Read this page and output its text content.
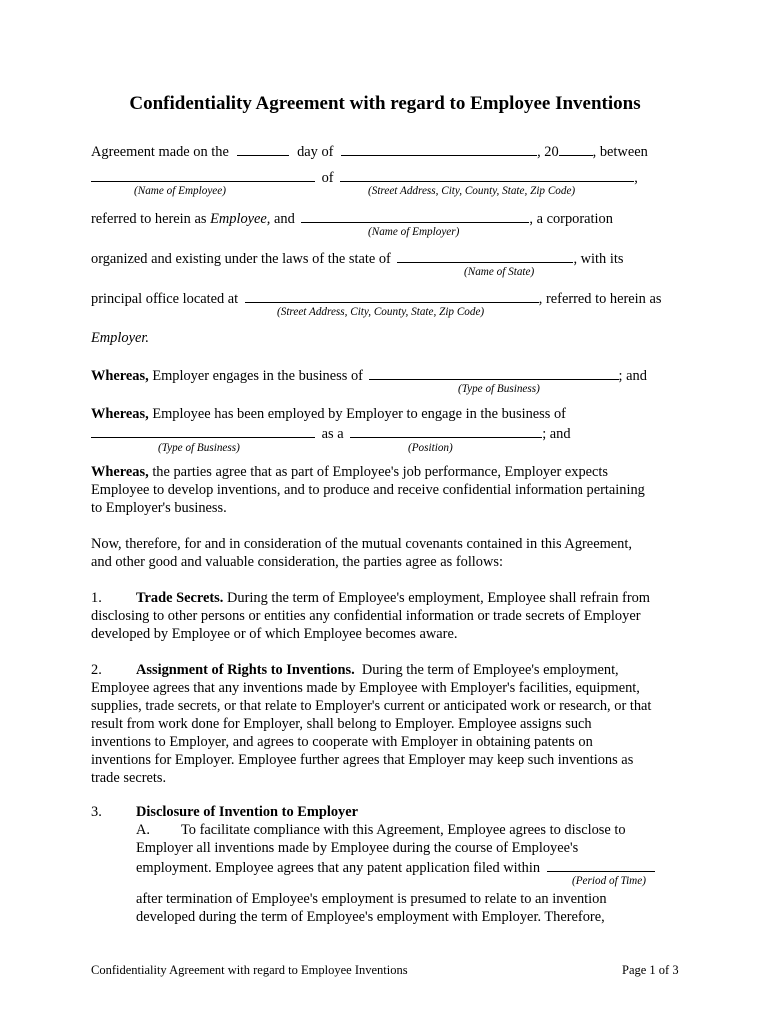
Confidentiality Agreement with regard to Employee Inventions
Agreement made on the	day of	, 20 , between
of	,
(Name of Employee)	(Street Address, City, County, State, Zip Code)
referred to herein as Employee, and	, a corporation
(Name of Employer)
organized and existing under the laws of the state of	, with its
(Name of State)
principal office located at	, referred to herein as
(Street Address, City, County, State, Zip Code)
Employer.
Whereas, Employer engages in the business of	; and
(Type of Business)
Whereas, Employee has been employed by Employer to engage in the business of
as a	; and
(Type of Business)	(Position)
Whereas, the parties agree that as part of Employee's job performance, Employer expects
Employee to develop inventions, and to produce and receive confidential information pertaining
to Employer's business.
Now, therefore, for and in consideration of the mutual covenants contained in this Agreement,
and other good and valuable consideration, the parties agree as follows:
1. Trade Secrets. During the term of Employee's employment, Employee shall refrain from
disclosing to other persons or entities any confidential information or trade secrets of Employer
developed by Employee or of which Employee becomes aware.
2. Assignment of Rights to Inventions. During the term of Employee's employment,
Employee agrees that any inventions made by Employee with Employer's facilities, equipment,
supplies, trade secrets, or that relate to Employer's current or anticipated work or research, or that
result from work done for Employer, shall belong to Employer. Employee assigns such
inventions to Employer, and agrees to cooperate with Employer in obtaining patents on
inventions for Employer. Employee further agrees that Employer may keep such inventions as
trade secrets.
3. Disclosure of Invention to Employer
A. To facilitate compliance with this Agreement, Employee agrees to disclose to
Employer all inventions made by Employee during the course of Employee's
employment. Employee agrees that any patent application filed within
(Period of Time)
after termination of Employee's employment is presumed to relate to an invention
developed during the term of Employee's employment with Employer. Therefore,
Confidentiality Agreement with regard to Employee Inventions	Page 1 of 3
